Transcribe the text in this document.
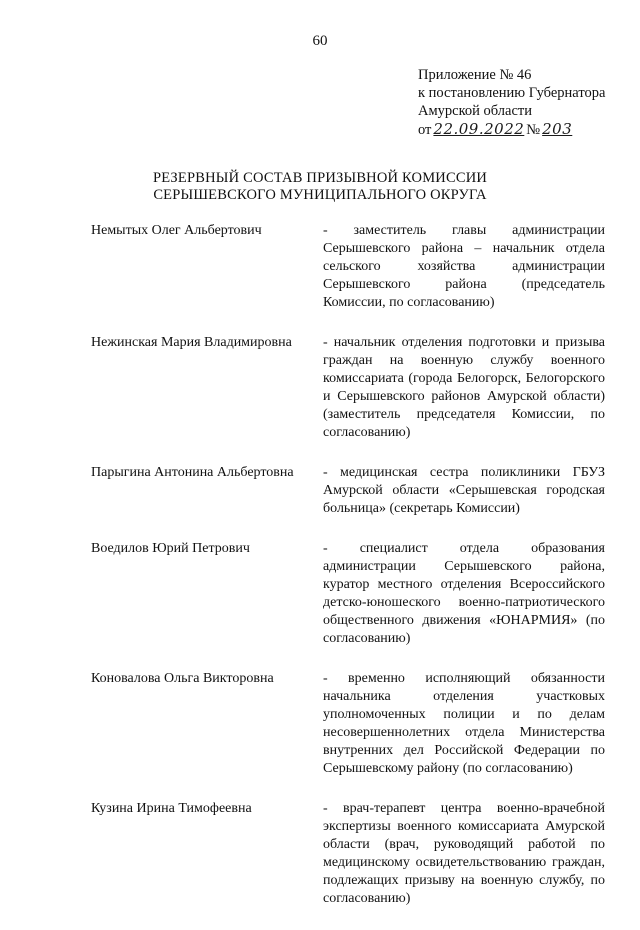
60
Приложение № 46
к постановлению Губернатора
Амурской области
от 22.09.2022 № 203
РЕЗЕРВНЫЙ СОСТАВ ПРИЗЫВНОЙ КОМИССИИ
СЕРЫШЕВСКОГО МУНИЦИПАЛЬНОГО ОКРУГА
Немытых Олег Альбертович	- заместитель главы администрации Серышевского района – начальник отдела сельского хозяйства администрации Серышевского района (председатель Комиссии, по согласованию)
Нежинская Мария Владимировна	- начальник отделения подготовки и призыва граждан на военную службу военного комиссариата (города Белогорск, Белогорского и Серышевского районов Амурской области) (заместитель председателя Комиссии, по согласованию)
Парыгина Антонина Альбертовна	- медицинская сестра поликлиники ГБУЗ Амурской области «Серышевская городская больница» (секретарь Комиссии)
Воедилов Юрий Петрович	- специалист отдела образования администрации Серышевского района, куратор местного отделения Всероссийского детско-юношеского военно-патриотического общественного движения «ЮНАРМИЯ» (по согласованию)
Коновалова Ольга Викторовна	- временно исполняющий обязанности начальника отделения участковых уполномоченных полиции и по делам несовершеннолетних отдела Министерства внутренних дел Российской Федерации по Серышевскому району (по согласованию)
Кузина Ирина Тимофеевна	- врач-терапевт центра военно-врачебной экспертизы военного комиссариата Амурской области (врач, руководящий работой по медицинскому освидетельствованию граждан, подлежащих призыву на военную службу, по согласованию)
